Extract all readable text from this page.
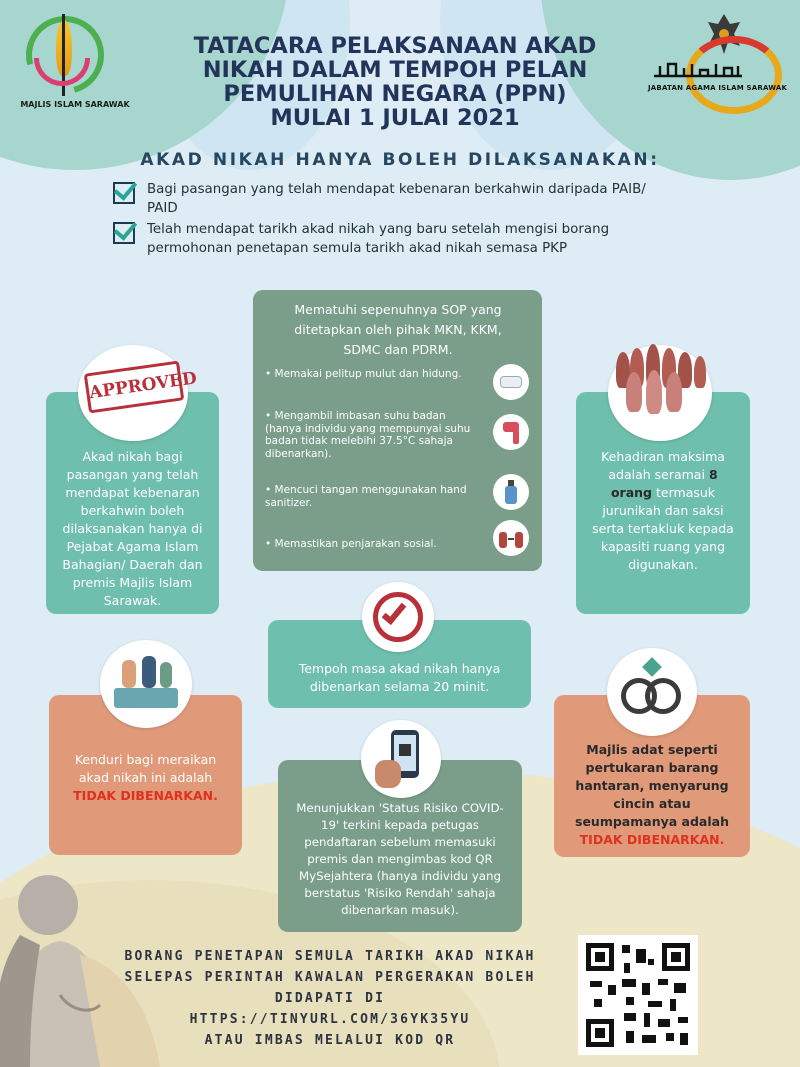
MAJLIS ISLAM SARAWAK
JABATAN AGAMA ISLAM SARAWAK
TATACARA PELAKSANAAN AKAD
NIKAH DALAM TEMPOH PELAN
PEMULIHAN NEGARA (PPN)
MULAI 1 JULAI 2021
AKAD NIKAH HANYA BOLEH DILAKSANAKAN:
Bagi pasangan yang telah mendapat kebenaran berkahwin daripada PAIB/ PAID
Telah mendapat tarikh akad nikah yang baru setelah mengisi borang permohonan penetapan semula tarikh akad nikah semasa PKP
Akad nikah bagi pasangan yang telah mendapat kebenaran berkahwin boleh dilaksanakan hanya di Pejabat Agama Islam Bahagian/ Daerah dan premis Majlis Islam Sarawak.
APPROVED
Mematuhi sepenuhnya SOP yang ditetapkan oleh pihak MKN, KKM, SDMC dan PDRM.
• Memakai pelitup mulut dan hidung.
• Mengambil imbasan suhu badan (hanya individu yang mempunyai suhu badan tidak melebihi 37.5°C sahaja dibenarkan).
• Mencuci tangan menggunakan hand sanitizer.
• Memastikan penjarakan sosial.
Kehadiran maksima adalah seramai 8 orang termasuk jurunikah dan saksi serta tertakluk kepada kapasiti ruang yang digunakan.
Tempoh masa akad nikah hanya dibenarkan selama 20 minit.
Kenduri bagi meraikan akad nikah ini adalah
TIDAK DIBENARKAN.
Menunjukkan 'Status Risiko COVID-19' terkini kepada petugas pendaftaran sebelum memasuki premis dan mengimbas kod QR MySejahtera (hanya individu yang berstatus 'Risiko Rendah' sahaja dibenarkan masuk).
Majlis adat seperti pertukaran barang hantaran, menyarung cincin atau seumpamanya adalah
TIDAK DIBENARKAN.
BORANG PENETAPAN SEMULA TARIKH AKAD NIKAH
SELEPAS PERINTAH KAWALAN PERGERAKAN BOLEH
DIDAPATI DI
HTTPS://TINYURL.COM/36YK35YU
ATAU IMBAS MELALUI KOD QR
